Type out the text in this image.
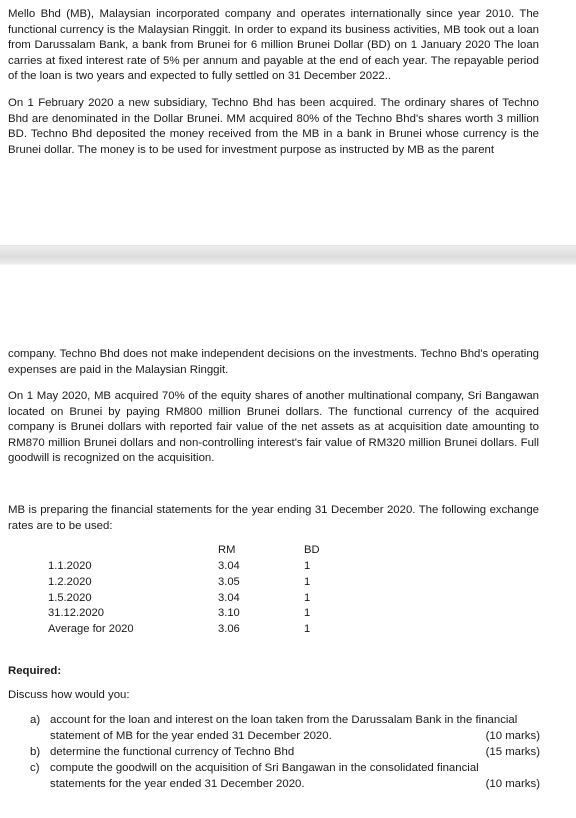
Mello Bhd (MB), Malaysian incorporated company and operates internationally since year 2010. The functional currency is the Malaysian Ringgit. In order to expand its business activities, MB took out a loan from Darussalam Bank, a bank from Brunei for 6 million Brunei Dollar (BD) on 1 January 2020 The loan carries at fixed interest rate of 5% per annum and payable at the end of each year. The repayable period of the loan is two years and expected to fully settled on 31 December 2022..

On 1 February 2020 a new subsidiary, Techno Bhd has been acquired. The ordinary shares of Techno Bhd are denominated in the Dollar Brunei. MM acquired 80% of the Techno Bhd's shares worth 3 million BD. Techno Bhd deposited the money received from the MB in a bank in Brunei whose currency is the Brunei dollar. The money is to be used for investment purpose as instructed by MB as the parent

company. Techno Bhd does not make independent decisions on the investments. Techno Bhd's operating expenses are paid in the Malaysian Ringgit.

On 1 May 2020, MB acquired 70% of the equity shares of another multinational company, Sri Bangawan located on Brunei by paying RM800 million Brunei dollars. The functional currency of the acquired company is Brunei dollars with reported fair value of the net assets as at acquisition date amounting to RM870 million Brunei dollars and non-controlling interest's fair value of RM320 million Brunei dollars. Full goodwill is recognized on the acquisition.

MB is preparing the financial statements for the year ending 31 December 2020. The following exchange rates are to be used:

	RM	BD
1.1.2020	3.04	1
1.2.2020	3.05	1
1.5.2020	3.04	1
31.12.2020	3.10	1
Average for 2020	3.06	1
Required:
Discuss how would you:
a) account for the loan and interest on the loan taken from the Darussalam Bank in the financial
statement of MB for the year ended 31 December 2020.	(10 marks)
b) determine the functional currency of Techno Bhd	(15 marks)
c) compute the goodwill on the acquisition of Sri Bangawan in the consolidated financial
statements for the year ended 31 December 2020.	(10 marks)
